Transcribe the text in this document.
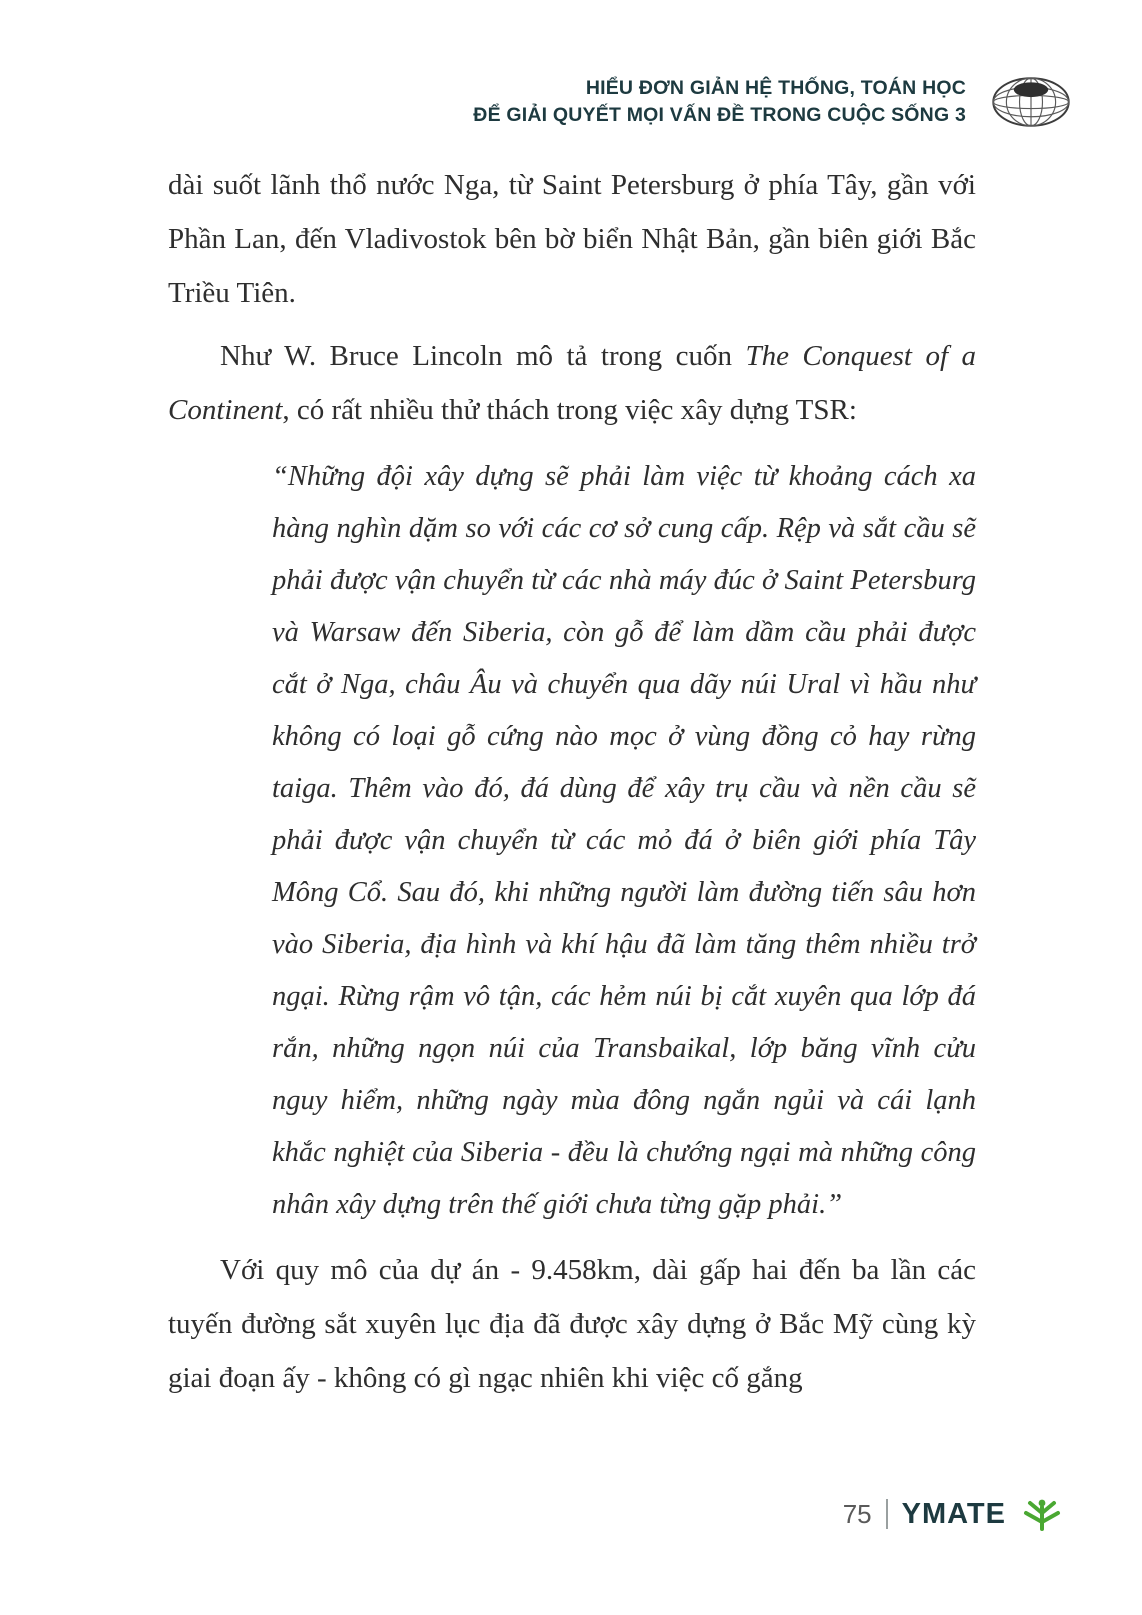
HIỂU ĐƠN GIẢN HỆ THỐNG, TOÁN HỌC
ĐỂ GIẢI QUYẾT MỌI VẤN ĐỀ TRONG CUỘC SỐNG 3

dài suốt lãnh thổ nước Nga, từ Saint Petersburg ở phía Tây, gần với Phần Lan, đến Vladivostok bên bờ biển Nhật Bản, gần biên giới Bắc Triều Tiên.

Như W. Bruce Lincoln mô tả trong cuốn The Conquest of a Continent, có rất nhiều thử thách trong việc xây dựng TSR:

“Những đội xây dựng sẽ phải làm việc từ khoảng cách xa hàng nghìn dặm so với các cơ sở cung cấp. Rệp và sắt cầu sẽ phải được vận chuyển từ các nhà máy đúc ở Saint Petersburg và Warsaw đến Siberia, còn gỗ để làm dầm cầu phải được cắt ở Nga, châu Âu và chuyển qua dãy núi Ural vì hầu như không có loại gỗ cứng nào mọc ở vùng đồng cỏ hay rừng taiga. Thêm vào đó, đá dùng để xây trụ cầu và nền cầu sẽ phải được vận chuyển từ các mỏ đá ở biên giới phía Tây Mông Cổ. Sau đó, khi những người làm đường tiến sâu hơn vào Siberia, địa hình và khí hậu đã làm tăng thêm nhiều trở ngại. Rừng rậm vô tận, các hẻm núi bị cắt xuyên qua lớp đá rắn, những ngọn núi của Transbaikal, lớp băng vĩnh cửu nguy hiểm, những ngày mùa đông ngắn ngủi và cái lạnh khắc nghiệt của Siberia - đều là chướng ngại mà những công nhân xây dựng trên thế giới chưa từng gặp phải.”

Với quy mô của dự án - 9.458km, dài gấp hai đến ba lần các tuyến đường sắt xuyên lục địa đã được xây dựng ở Bắc Mỹ cùng kỳ giai đoạn ấy - không có gì ngạc nhiên khi việc cố gắng

75 YMATE
